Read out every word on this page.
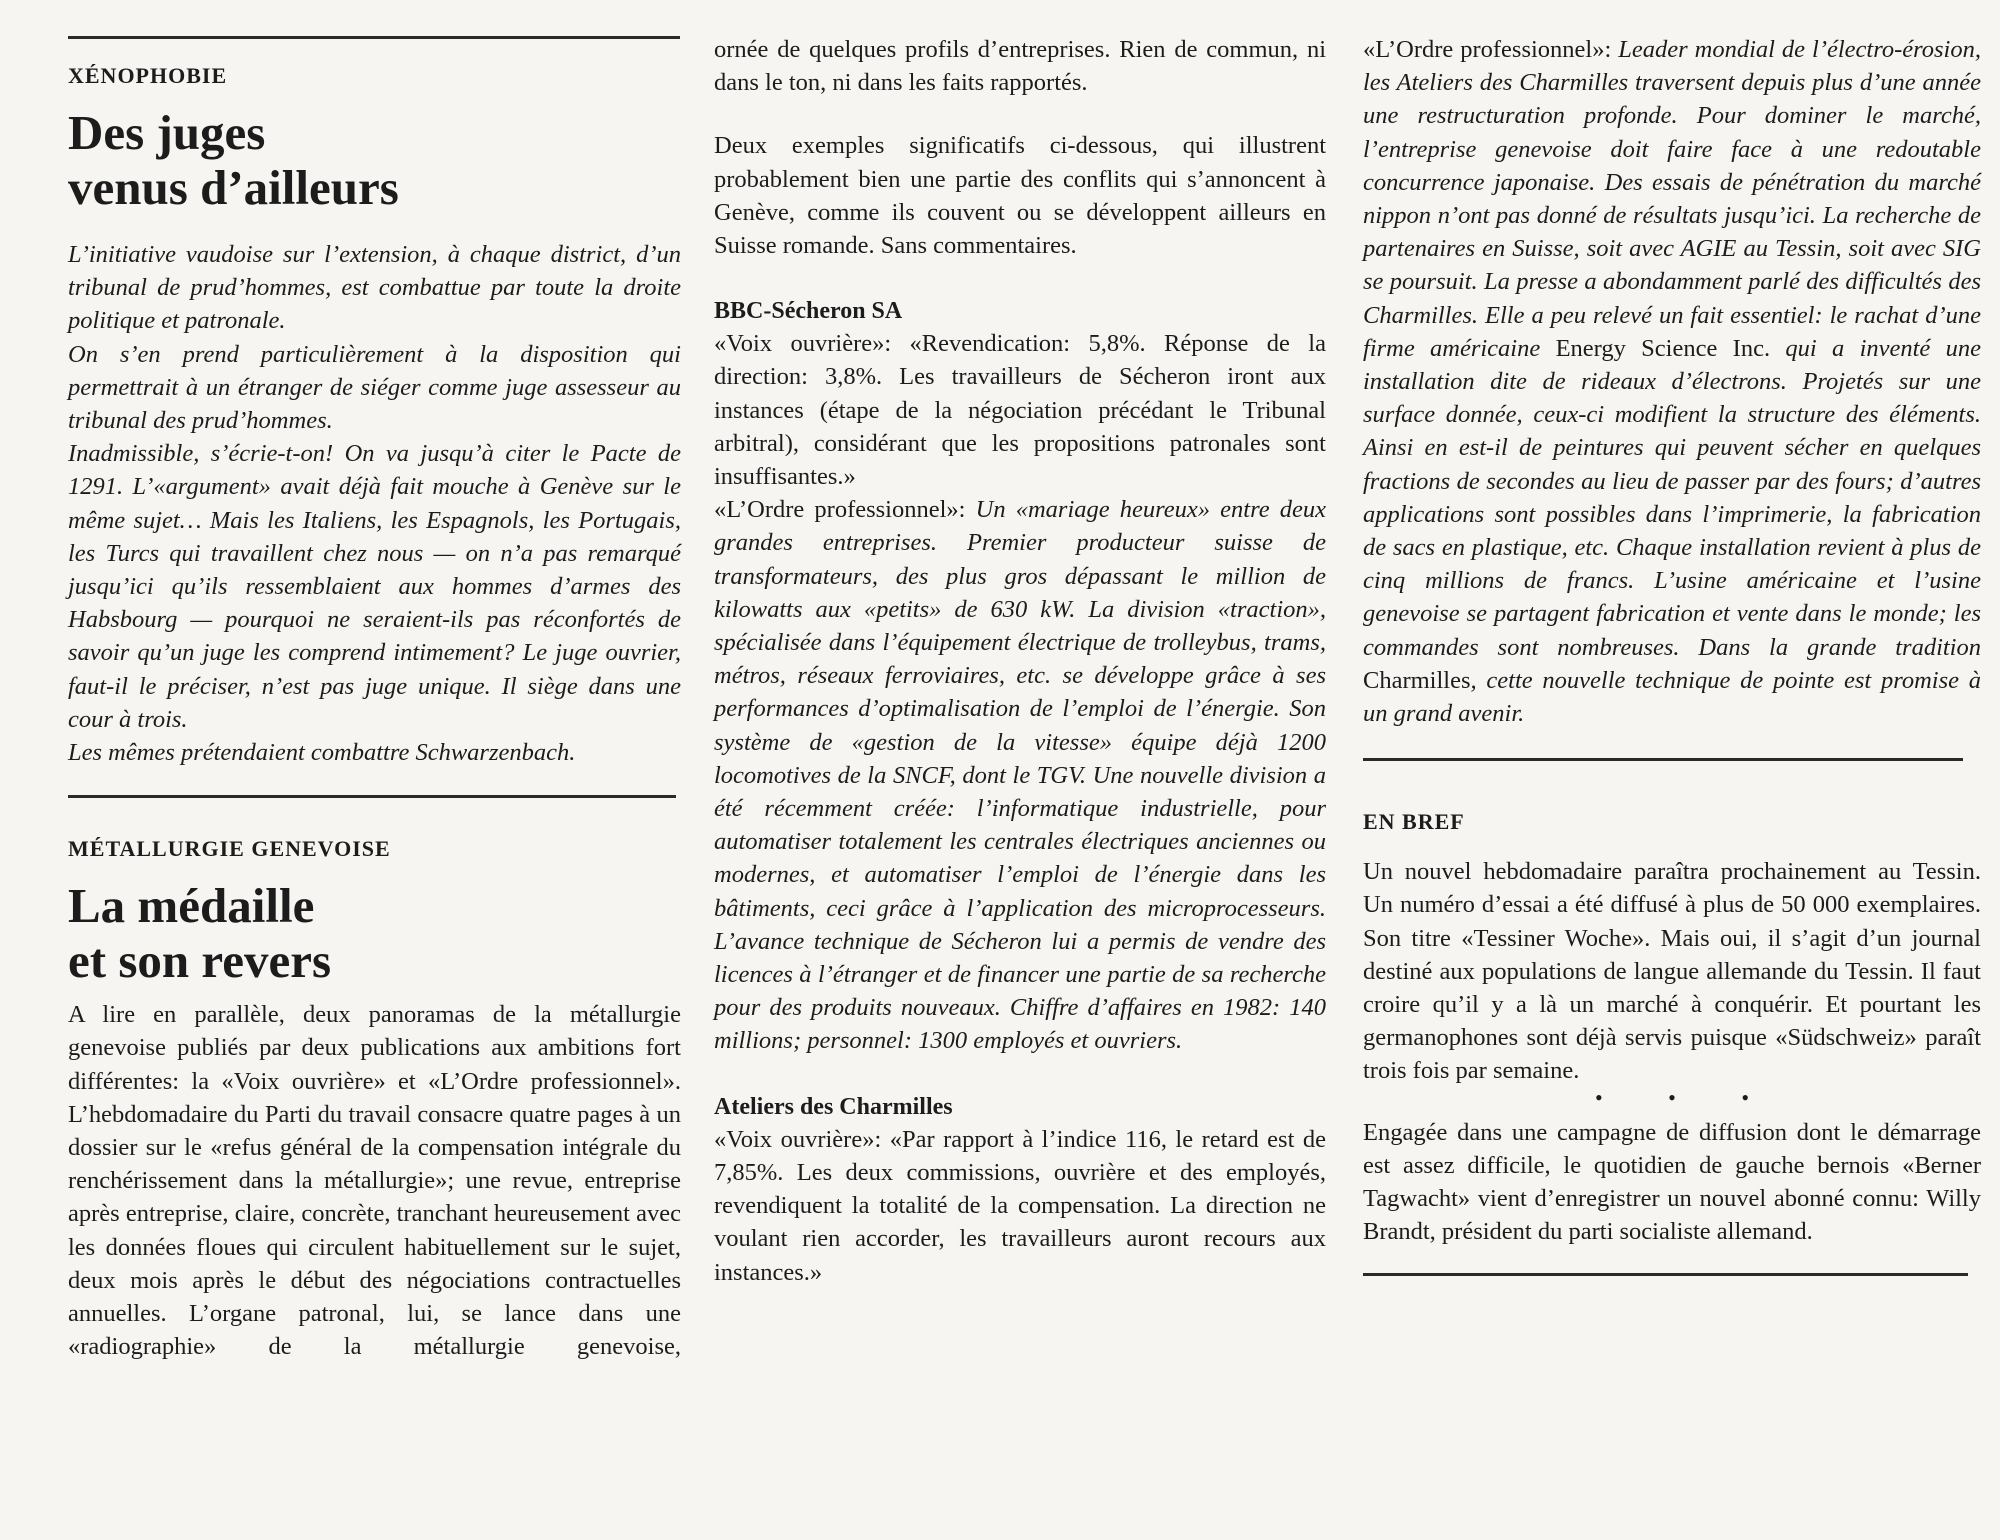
XÉNOPHOBIE

Des juges
venus d’ailleurs

L’initiative vaudoise sur l’extension, à chaque district, d’un tribunal de prud’hommes, est combattue par toute la droite politique et patronale.

On s’en prend particulièrement à la disposition qui permettrait à un étranger de siéger comme juge assesseur au tribunal des prud’hommes.

Inadmissible, s’écrie-t-on! On va jusqu’à citer le Pacte de 1291. L’«argument» avait déjà fait mouche à Genève sur le même sujet… Mais les Italiens, les Espagnols, les Portugais, les Turcs qui travaillent chez nous — on n’a pas remarqué jusqu’ici qu’ils ressemblaient aux hommes d’armes des Habsbourg — pourquoi ne seraient-ils pas réconfortés de savoir qu’un juge les comprend intimement? Le juge ouvrier, faut-il le préciser, n’est pas juge unique. Il siège dans une cour à trois.

Les mêmes prétendaient combattre Schwarzenbach.

MÉTALLURGIE GENEVOISE

La médaille
et son revers

A lire en parallèle, deux panoramas de la métallurgie genevoise publiés par deux publications aux ambitions fort différentes: la «Voix ouvrière» et «L’Ordre professionnel». L’hebdomadaire du Parti du travail consacre quatre pages à un dossier sur le «refus général de la compensation intégrale du renchérissement dans la métallurgie»; une revue, entreprise après entreprise, claire, concrète, tranchant heureusement avec les données floues qui circulent habituellement sur le sujet, deux mois après le début des négociations contractuelles annuelles. L’organe patronal, lui, se lance dans une «radiographie» de la métallurgie genevoise,

ornée de quelques profils d’entreprises. Rien de commun, ni dans le ton, ni dans les faits rapportés.

Deux exemples significatifs ci-dessous, qui illustrent probablement bien une partie des conflits qui s’annoncent à Genève, comme ils couvent ou se développent ailleurs en Suisse romande. Sans commentaires.

BBC-Sécheron SA

«Voix ouvrière»: «Revendication: 5,8%. Réponse de la direction: 3,8%. Les travailleurs de Sécheron iront aux instances (étape de la négociation précédant le Tribunal arbitral), considérant que les propositions patronales sont insuffisantes.»

«L’Ordre professionnel»: Un «mariage heureux» entre deux grandes entreprises. Premier producteur suisse de transformateurs, des plus gros dépassant le million de kilowatts aux «petits» de 630 kW. La division «traction», spécialisée dans l’équipement électrique de trolleybus, trams, métros, réseaux ferroviaires, etc. se développe grâce à ses performances d’optimalisation de l’emploi de l’énergie. Son système de «gestion de la vitesse» équipe déjà 1200 locomotives de la SNCF, dont le TGV. Une nouvelle division a été récemment créée: l’informatique industrielle, pour automatiser totalement les centrales électriques anciennes ou modernes, et automatiser l’emploi de l’énergie dans les bâtiments, ceci grâce à l’application des microprocesseurs. L’avance technique de Sécheron lui a permis de vendre des licences à l’étranger et de financer une partie de sa recherche pour des produits nouveaux. Chiffre d’affaires en 1982: 140 millions; personnel: 1300 employés et ouvriers.

Ateliers des Charmilles

«Voix ouvrière»: «Par rapport à l’indice 116, le retard est de 7,85%. Les deux commissions, ouvrière et des employés, revendiquent la totalité de la compensation. La direction ne voulant rien accorder, les travailleurs auront recours aux instances.»

«L’Ordre professionnel»: Leader mondial de l’électro-érosion, les Ateliers des Charmilles traversent depuis plus d’une année une restructuration profonde. Pour dominer le marché, l’entreprise genevoise doit faire face à une redoutable concurrence japonaise. Des essais de pénétration du marché nippon n’ont pas donné de résultats jusqu’ici. La recherche de partenaires en Suisse, soit avec AGIE au Tessin, soit avec SIG se poursuit. La presse a abondamment parlé des difficultés des Charmilles. Elle a peu relevé un fait essentiel: le rachat d’une firme américaine Energy Science Inc. qui a inventé une installation dite de rideaux d’électrons. Projetés sur une surface donnée, ceux-ci modifient la structure des éléments. Ainsi en est-il de peintures qui peuvent sécher en quelques fractions de secondes au lieu de passer par des fours; d’autres applications sont possibles dans l’imprimerie, la fabrication de sacs en plastique, etc. Chaque installation revient à plus de cinq millions de francs. L’usine américaine et l’usine genevoise se partagent fabrication et vente dans le monde; les commandes sont nombreuses. Dans la grande tradition Charmilles, cette nouvelle technique de pointe est promise à un grand avenir.

EN BREF

Un nouvel hebdomadaire paraîtra prochainement au Tessin. Un numéro d’essai a été diffusé à plus de 50 000 exemplaires. Son titre «Tessiner Woche». Mais oui, il s’agit d’un journal destiné aux populations de langue allemande du Tessin. Il faut croire qu’il y a là un marché à conquérir. Et pourtant les germanophones sont déjà servis puisque «Südschweiz» paraît trois fois par semaine.

• • •

Engagée dans une campagne de diffusion dont le démarrage est assez difficile, le quotidien de gauche bernois «Berner Tagwacht» vient d’enregistrer un nouvel abonné connu: Willy Brandt, président du parti socialiste allemand.
